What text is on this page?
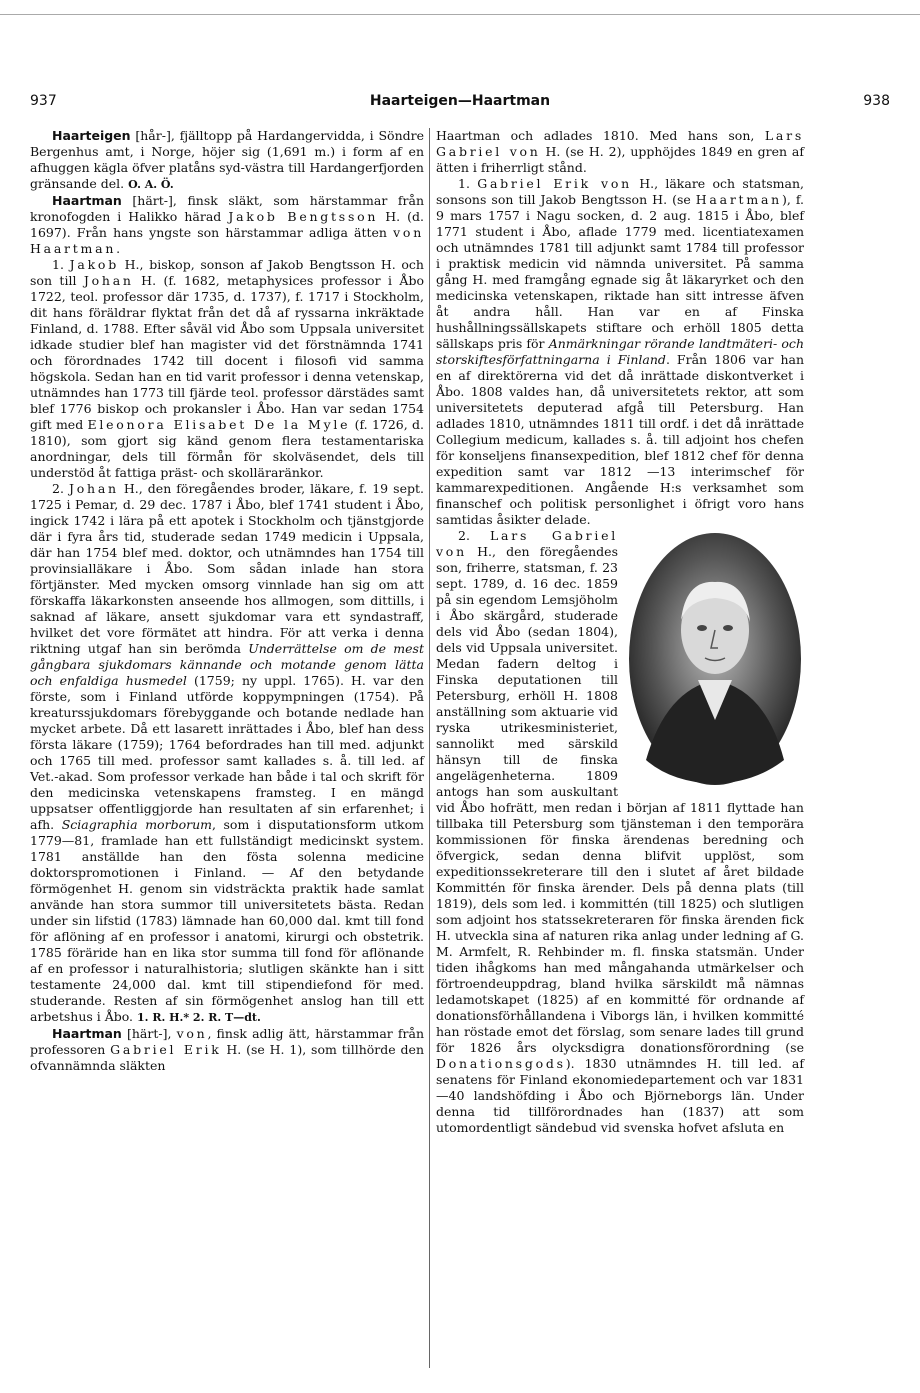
937	Haarteigen—Haartman	938

Haarteigen [hår-], fjälltopp på Hardangervidda, i Söndre Bergenhus amt, i Norge, höjer sig (1,691 m.) i form af en afhuggen kägla öfver platåns syd-västra till Hardangerfjorden gränsande del. O. A. Ö.

Haartman [härt-], finsk släkt, som härstammar från kronofogden i Halikko härad Jakob Bengtsson H. (d. 1697). Från hans yngste son härstammar adliga ätten von Haartman.

1. Jakob H., biskop, sonson af Jakob Bengtsson H. och son till Johan H. (f. 1682, metaphysices professor i Åbo 1722, teol. professor där 1735, d. 1737), f. 1717 i Stockholm, dit hans föräldrar flyktat från det då af ryssarna inkräktade Finland, d. 1788. Efter såväl vid Åbo som Uppsala universitet idkade studier blef han magister vid det förstnämnda 1741 och förordnades 1742 till docent i filosofi vid samma högskola. Sedan han en tid varit professor i denna vetenskap, utnämndes han 1773 till fjärde teol. professor därstädes samt blef 1776 biskop och prokansler i Åbo. Han var sedan 1754 gift med Eleonora Elisabet De la Myle (f. 1726, d. 1810), som gjort sig känd genom flera testamentariska anordningar, dels till förmån för skolväsendet, dels till understöd åt fattiga präst- och skolläraränkor.

2. Johan H., den föregåendes broder, läkare, f. 19 sept. 1725 i Pemar, d. 29 dec. 1787 i Åbo, blef 1741 student i Åbo, ingick 1742 i lära på ett apotek i Stockholm och tjänstgjorde där i fyra års tid, studerade sedan 1749 medicin i Uppsala, där han 1754 blef med. doktor, och utnämndes han 1754 till provinsialläkare i Åbo. Som sådan inlade han stora förtjänster. Med mycken omsorg vinnlade han sig om att förskaffa läkarkonsten anseende hos allmogen, som dittills, i saknad af läkare, ansett sjukdomar vara ett syndastraff, hvilket det vore förmätet att hindra. För att verka i denna riktning utgaf han sin berömda Underrättelse om de mest gångbara sjukdomars kännande och motande genom lätta och enfaldiga husmedel (1759; ny uppl. 1765). H. var den förste, som i Finland utförde koppympningen (1754). På kreaturssjukdomars förebyggande och botande nedlade han mycket arbete. Då ett lasarett inrättades i Åbo, blef han dess första läkare (1759); 1764 befordrades han till med. adjunkt och 1765 till med. professor samt kallades s. å. till led. af Vet.-akad. Som professor verkade han både i tal och skrift för den medicinska vetenskapens framsteg. I en mängd uppsatser offentliggjorde han resultaten af sin erfarenhet; i afh. Sciagraphia morborum, som i disputationsform utkom 1779—81, framlade han ett fullständigt medicinskt system. 1781 anställde han den fösta solenna medicine doktorspromotionen i Finland. — Af den betydande förmögenhet H. genom sin vidsträckta praktik hade samlat använde han stora summor till universitetets bästa. Redan under sin lifstid (1783) lämnade han 60,000 dal. kmt till fond för aflöning af en professor i anatomi, kirurgi och obstetrik. 1785 föräride han en lika stor summa till fond för aflönande af en professor i naturalhistoria; slutligen skänkte han i sitt testamente 24,000 dal. kmt till stipendiefond för med. studerande. Resten af sin förmögenhet anslog han till ett arbetshus i Åbo. 1. R. H.* 2. R. T—dt.

Haartman [härt-], von, finsk adlig ätt, härstammar från professoren Gabriel Erik H. (se H. 1), som tillhörde den ofvannämnda släkten

Haartman och adlades 1810. Med hans son, Lars Gabriel von H. (se H. 2), upphöjdes 1849 en gren af ätten i friherrligt stånd.

1. Gabriel Erik von H., läkare och statsman, sonsons son till Jakob Bengtsson H. (se Haartman), f. 9 mars 1757 i Nagu socken, d. 2 aug. 1815 i Åbo, blef 1771 student i Åbo, aflade 1779 med. licentiatexamen och utnämndes 1781 till adjunkt samt 1784 till professor i praktisk medicin vid nämnda universitet. På samma gång H. med framgång egnade sig åt läkaryrket och den medicinska vetenskapen, riktade han sitt intresse äfven åt andra håll. Han var en af Finska hushållningssällskapets stiftare och erhöll 1805 detta sällskaps pris för Anmärkningar rörande landtmäteri- och storskiftesförfattningarna i Finland. Från 1806 var han en af direktörerna vid det då inrättade diskontverket i Åbo. 1808 valdes han, då universitetets rektor, att som universitetets deputerad afgå till Petersburg. Han adlades 1810, utnämndes 1811 till ordf. i det då inrättade Collegium medicum, kallades s. å. till adjoint hos chefen för konseljens finansexpedition, blef 1812 chef för denna expedition samt var 1812 —13 interimschef för kammarexpeditionen. Angående H:s verksamhet som finanschef och politisk personlighet i öfrigt voro hans samtidas åsikter delade.

2. Lars Gabriel von H., den föregåendes son, friherre, statsman, f. 23 sept. 1789, d. 16 dec. 1859 på sin egendom Lemsjöholm i Åbo skärgård, studerade dels vid Åbo (sedan 1804), dels vid Uppsala universitet. Medan fadern deltog i Finska deputationen till Petersburg, erhöll H. 1808 anställning som aktuarie vid ryska utrikesministeriet, sannolikt med särskild hänsyn till de finska angelägenheterna. 1809 antogs han som auskultant vid Åbo hofrätt, men redan i början af 1811 flyttade han tillbaka till Petersburg som tjänsteman i den temporära kommissionen för finska ärendenas beredning och öfvergick, sedan denna blifvit upplöst, som expeditionssekreterare till den i slutet af året bildade Kommittén för finska ärender. Dels på denna plats (till 1819), dels som led. i kommittén (till 1825) och slutligen som adjoint hos statssekreteraren för finska ärenden fick H. utveckla sina af naturen rika anlag under ledning af G. M. Armfelt, R. Rehbinder m. fl. finska statsmän. Under tiden ihågkoms han med mångahanda utmärkelser och förtroendeuppdrag, bland hvilka särskildt må nämnas ledamotskapet (1825) af en kommitté för ordnande af donationsförhållandena i Viborgs län, i hvilken kommitté han röstade emot det förslag, som senare lades till grund för 1826 års olycksdigra donationsförordning (se Donationsgods). 1830 utnämndes H. till led. af senatens för Finland ekonomiedepartement och var 1831—40 landshöfding i Åbo och Björneborgs län. Under denna tid tillförordnades han (1837) att som utomordentligt sändebud vid svenska hofvet afsluta en
